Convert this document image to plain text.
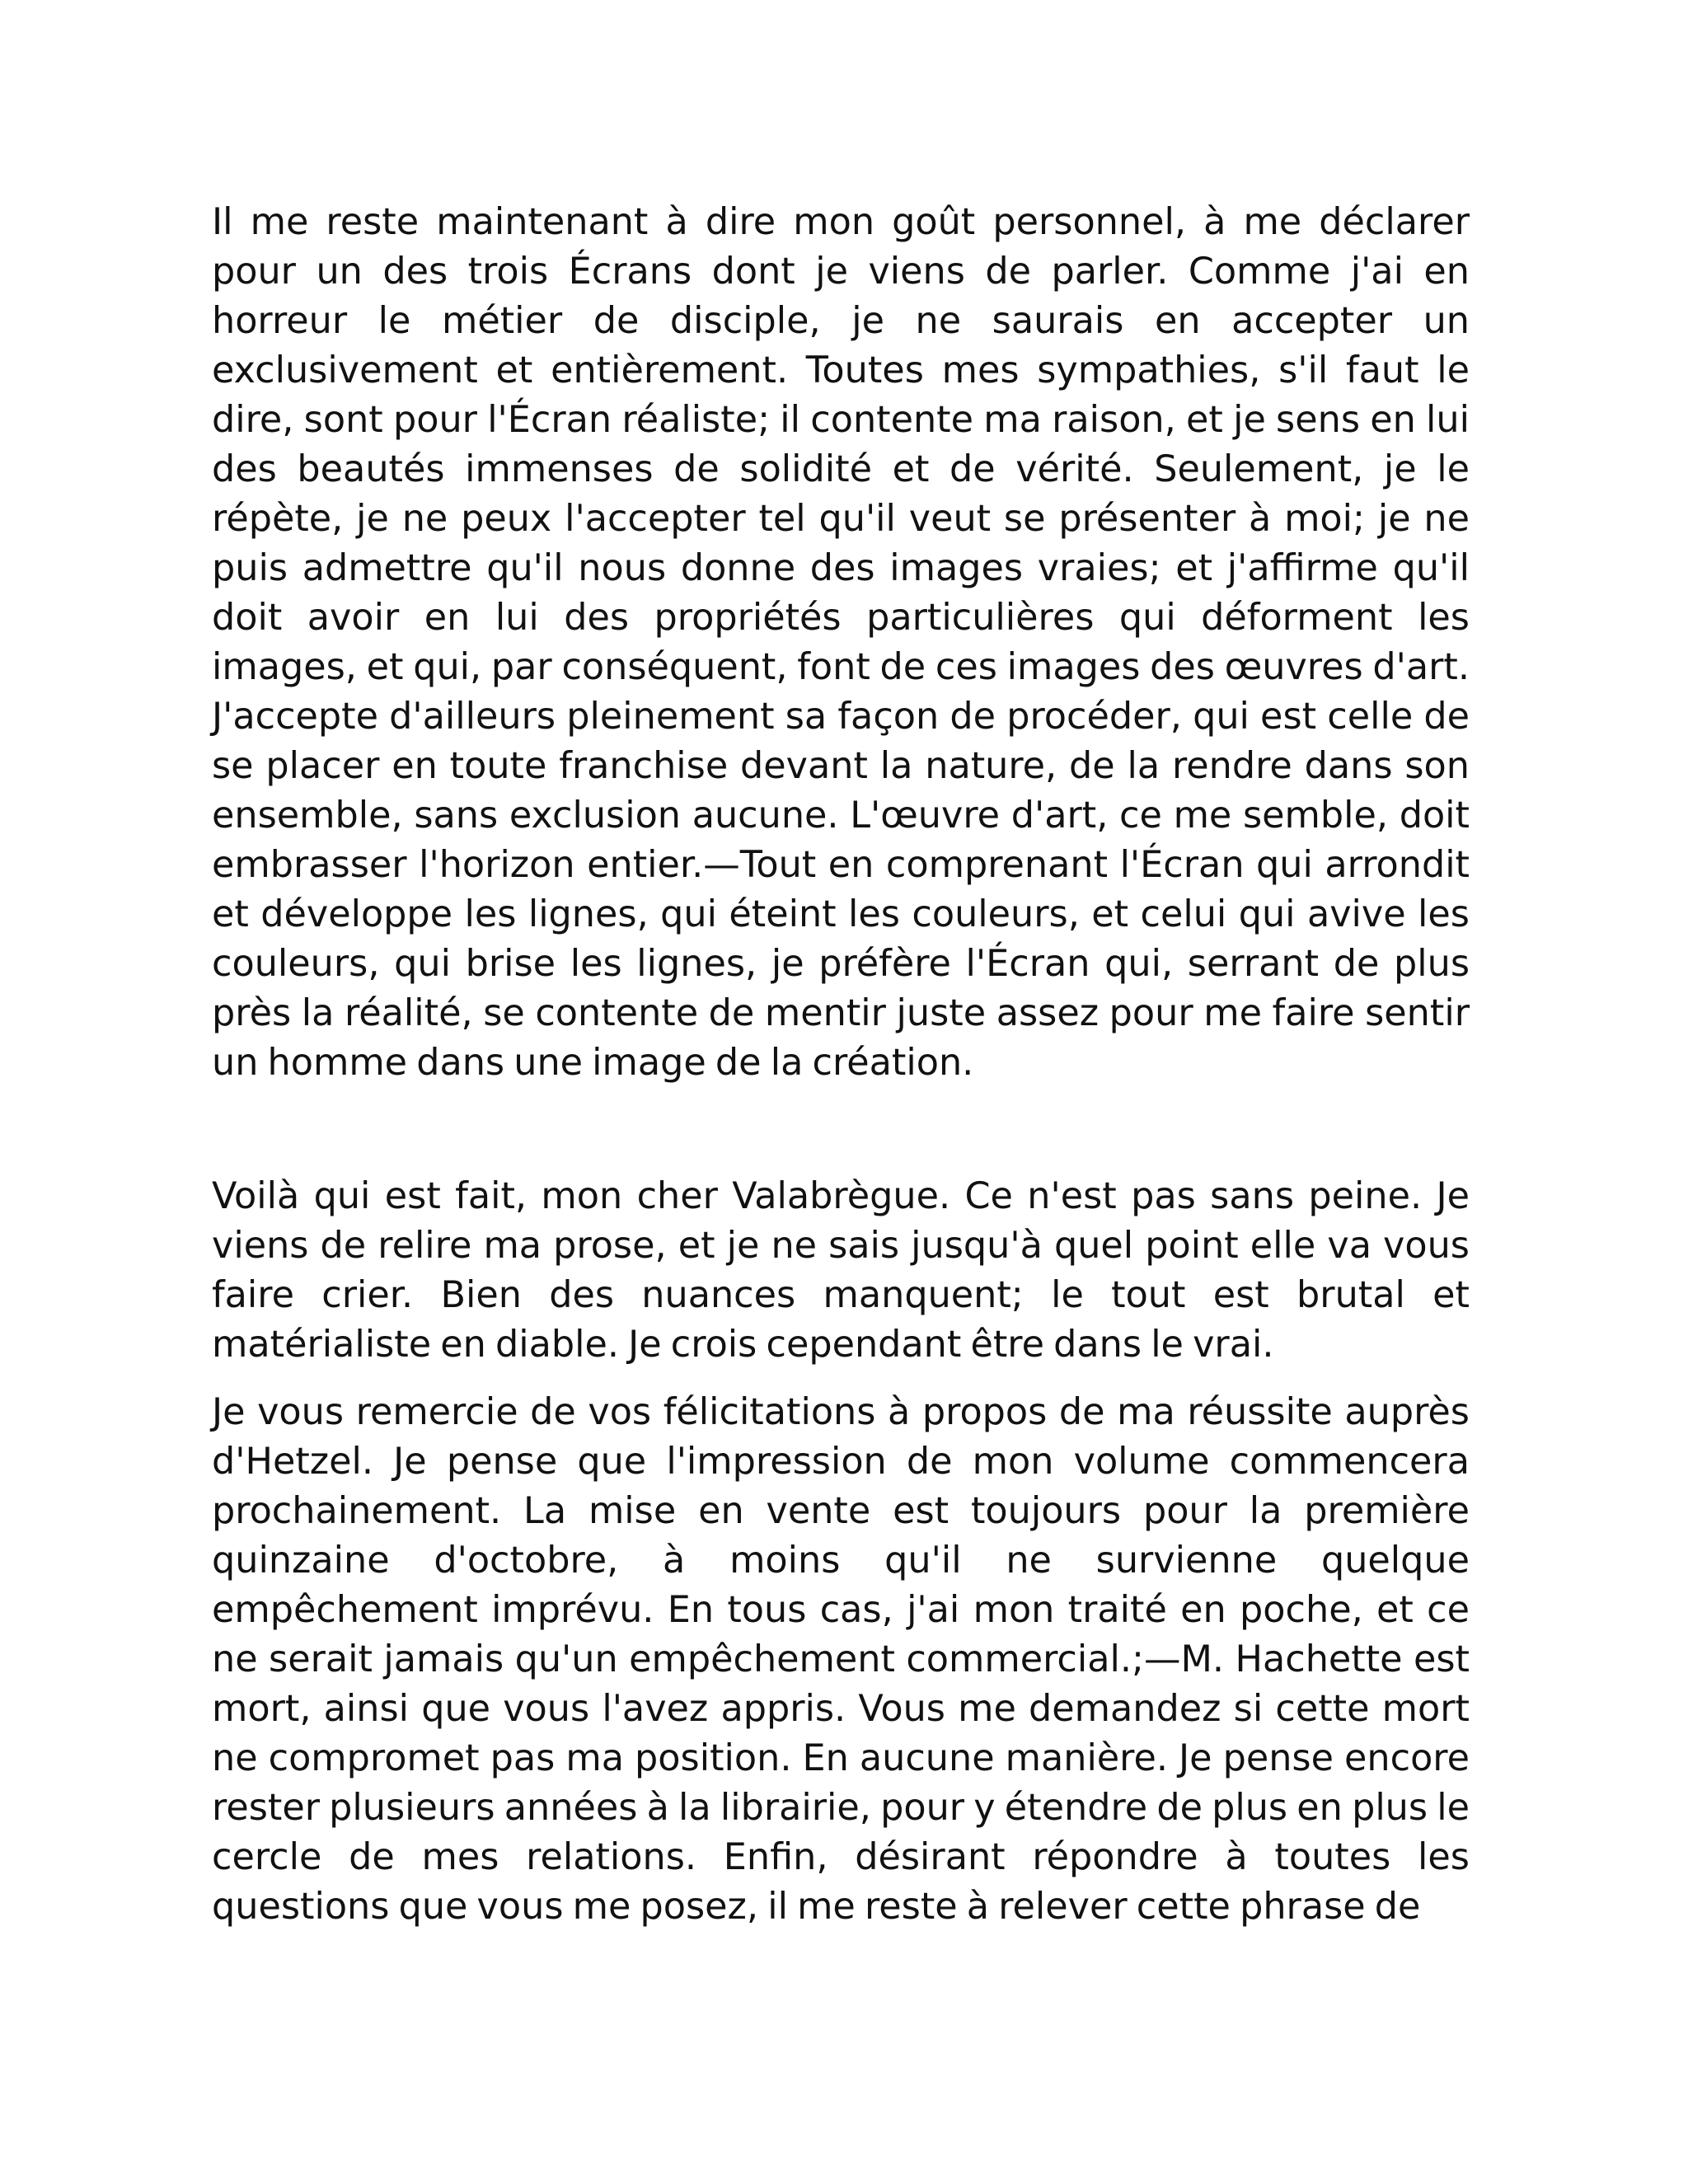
Il me reste maintenant à dire mon goût personnel, à me déclarer pour un des trois Écrans dont je viens de parler. Comme j'ai en horreur le métier de disciple, je ne saurais en accepter un exclusivement et entièrement. Toutes mes sympathies, s'il faut le dire, sont pour l'Écran réaliste; il contente ma raison, et je sens en lui des beautés immenses de solidité et de vérité. Seulement, je le répète, je ne peux l'accepter tel qu'il veut se présenter à moi; je ne puis admettre qu'il nous donne des images vraies; et j'affirme qu'il doit avoir en lui des propriétés particulières qui déforment les images, et qui, par conséquent, font de ces images des œuvres d'art. J'accepte d'ailleurs pleinement sa façon de procéder, qui est celle de se placer en toute franchise devant la nature, de la rendre dans son ensemble, sans exclusion aucune. L'œuvre d'art, ce me semble, doit embrasser l'horizon entier.—Tout en comprenant l'Écran qui arrondit et développe les lignes, qui éteint les couleurs, et celui qui avive les couleurs, qui brise les lignes, je préfère l'Écran qui, serrant de plus près la réalité, se contente de mentir juste assez pour me faire sentir un homme dans une image de la création.

Voilà qui est fait, mon cher Valabrègue. Ce n'est pas sans peine. Je viens de relire ma prose, et je ne sais jusqu'à quel point elle va vous faire crier. Bien des nuances manquent; le tout est brutal et matérialiste en diable. Je crois cependant être dans le vrai.

Je vous remercie de vos félicitations à propos de ma réussite auprès d'Hetzel. Je pense que l'impression de mon volume commencera prochainement. La mise en vente est toujours pour la première quinzaine d'octobre, à moins qu'il ne survienne quelque empêchement imprévu. En tous cas, j'ai mon traité en poche, et ce ne serait jamais qu'un empêchement commercial.;—M. Hachette est mort, ainsi que vous l'avez appris. Vous me demandez si cette mort ne compromet pas ma position. En aucune manière. Je pense encore rester plusieurs années à la librairie, pour y étendre de plus en plus le cercle de mes relations. Enfin, désirant répondre à toutes les questions que vous me posez, il me reste à relever cette phrase de
